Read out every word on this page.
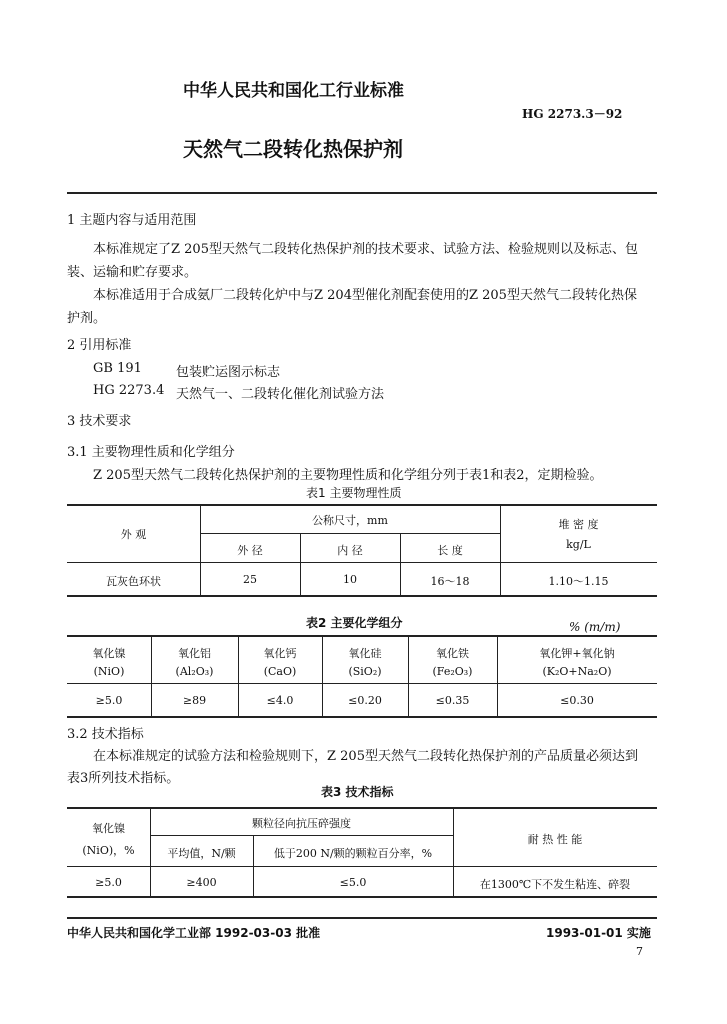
中华人民共和国化工行业标准
HG 2273.3－92
天然气二段转化热保护剂
1 主题内容与适用范围
本标准规定了Z 205型天然气二段转化热保护剂的技术要求、试验方法、检验规则以及标志、包
装、运输和贮存要求。
本标准适用于合成氨厂二段转化炉中与Z 204型催化剂配套使用的Z 205型天然气二段转化热保
护剂。
2 引用标准
GB 191	包装贮运图示标志
HG 2273.4 天然气一、二段转化催化剂试验方法
3 技术要求
3.1 主要物理性质和化学组分
Z 205型天然气二段转化热保护剂的主要物理性质和化学组分列于表1和表2，定期检验。
表1 主要物理性质
外 观
公称尺寸，mm
外 径	内 径	长 度
堆 密 度
kg/L
瓦灰色环状	25	10	16～18	1.10～1.15
表2 主要化学组分	% (m/m)
氧化镍
(NiO)
氧化铝
(Al₂O₃)
氧化钙
(CaO)
氧化硅
(SiO₂)
氧化铁
(Fe₂O₃)
氧化钾+氧化钠
(K₂O+Na₂O)
≥5.0	≥89	≤4.0	≤0.20	≤0.35	≤0.30
3.2 技术指标
在本标准规定的试验方法和检验规则下，Z 205型天然气二段转化热保护剂的产品质量必须达到
表3所列技术指标。
表3 技术指标
氧化镍
(NiO)，%
颗粒径向抗压碎强度
平均值，N/颗	低于200 N/颗的颗粒百分率，%
耐 热 性 能
≥5.0	≥400	≤5.0	在1300℃下不发生粘连、碎裂
中华人民共和国化学工业部 1992-03-03 批准	1993-01-01 实施
7
